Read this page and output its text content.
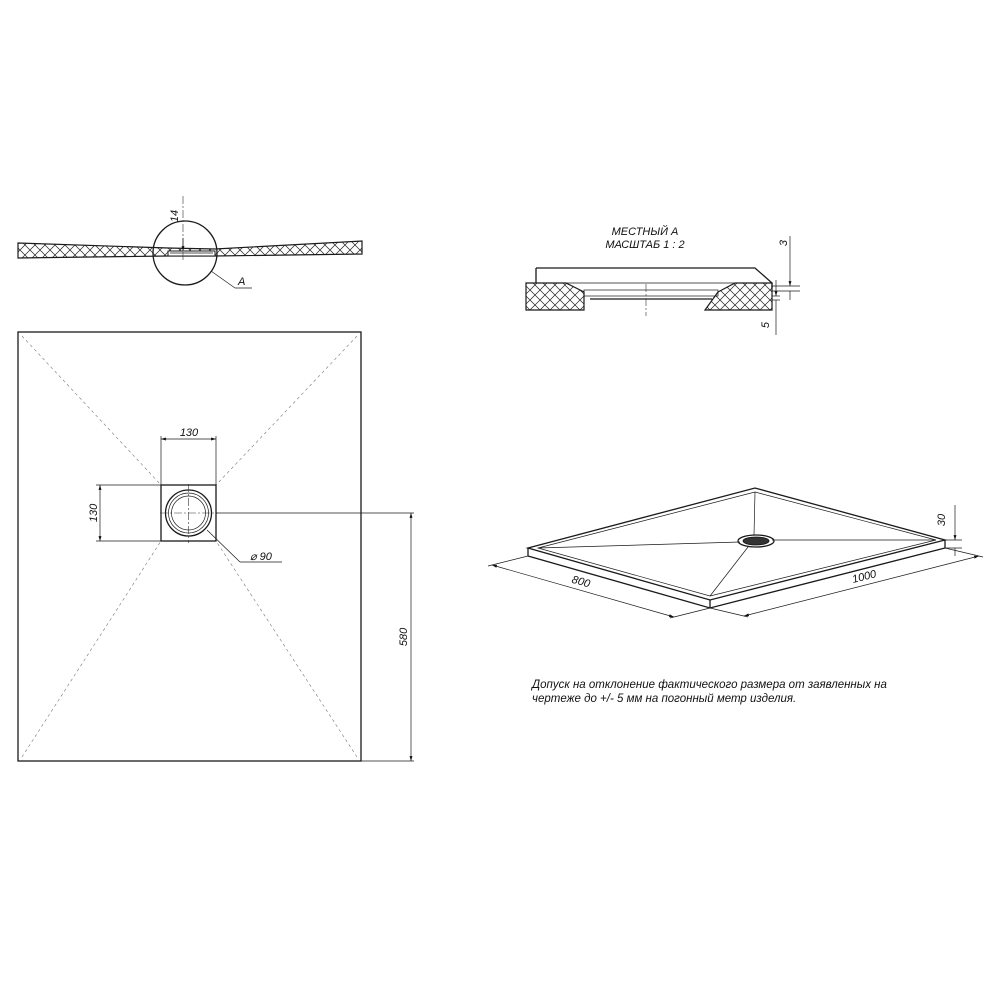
A
14
130
130
⌀ 90
580
МЕСТНЫЙ А
МАСШТАБ 1 : 2	3
5
30
800	1000
Допуск на отклонение фактического размера от заявленных на
чертеже до +/- 5 мм на погонный метр изделия.
